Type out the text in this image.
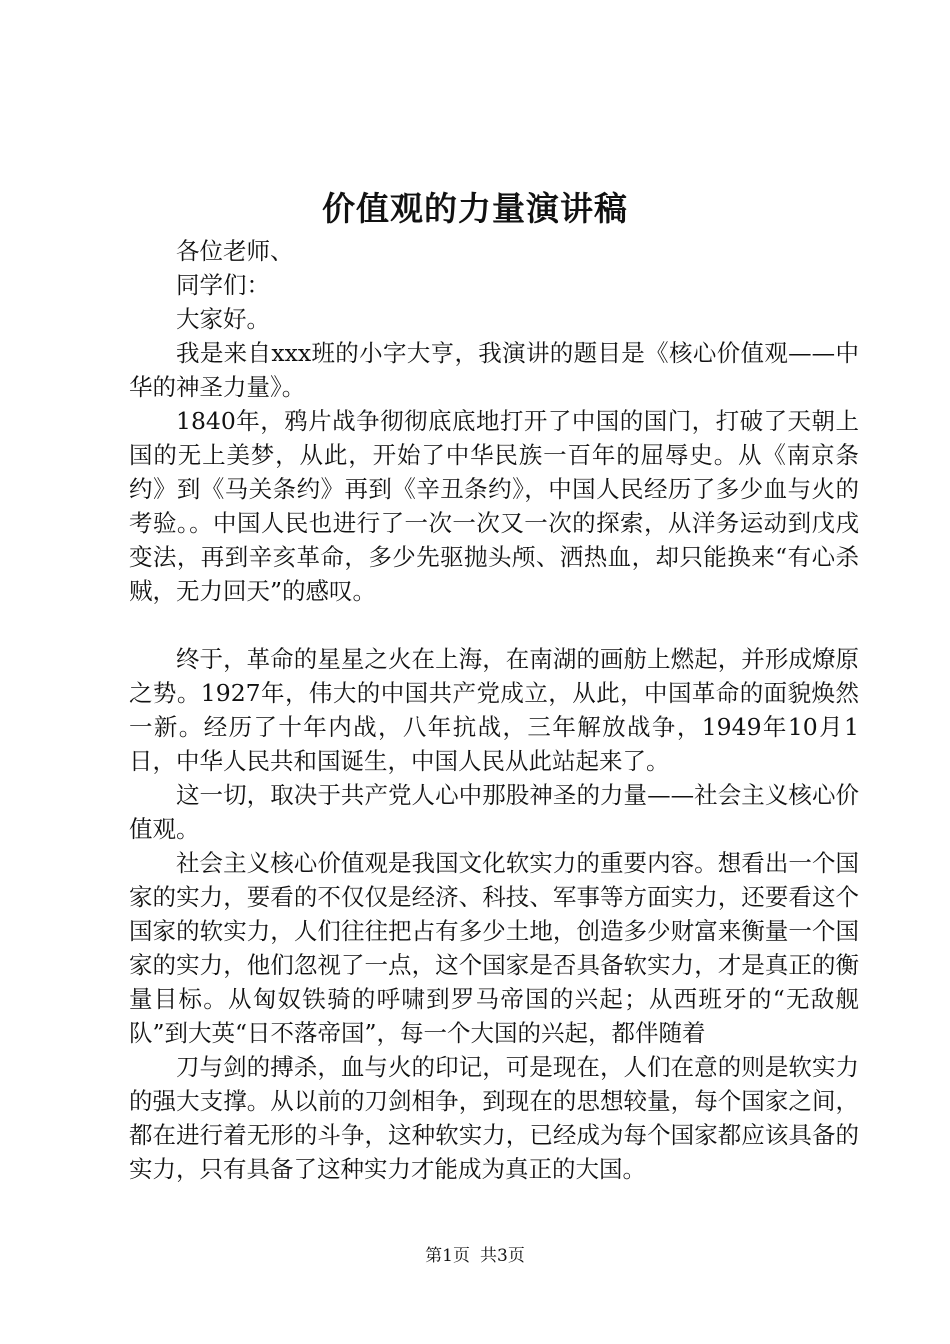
价值观的力量演讲稿

各位老师、

同学们：

大家好。

我是来自xxx班的小字大亨，我演讲的题目是《核心价值观——中华的神圣力量》。

1840年，鸦片战争彻彻底底地打开了中国的国门，打破了天朝上国的无上美梦，从此，开始了中华民族一百年的屈辱史。从《南京条约》到《马关条约》再到《辛丑条约》，中国人民经历了多少血与火的考验。。中国人民也进行了一次一次又一次的探索，从洋务运动到戊戌变法，再到辛亥革命，多少先驱抛头颅、洒热血，却只能换来“有心杀贼，无力回天”的感叹。

终于，革命的星星之火在上海，在南湖的画舫上燃起，并形成燎原之势。1927年，伟大的中国共产党成立，从此，中国革命的面貌焕然一新。经历了十年内战，八年抗战，三年解放战争，1949年10月1日，中华人民共和国诞生，中国人民从此站起来了。

这一切，取决于共产党人心中那股神圣的力量——社会主义核心价值观。

社会主义核心价值观是我国文化软实力的重要内容。想看出一个国家的实力，要看的不仅仅是经济、科技、军事等方面实力，还要看这个国家的软实力，人们往往把占有多少土地，创造多少财富来衡量一个国家的实力，他们忽视了一点，这个国家是否具备软实力，才是真正的衡量目标。从匈奴铁骑的呼啸到罗马帝国的兴起；从西班牙的“无敌舰队”到大英“日不落帝国”，每一个大国的兴起，都伴随着

刀与剑的搏杀，血与火的印记，可是现在，人们在意的则是软实力的强大支撑。从以前的刀剑相争，到现在的思想较量，每个国家之间，都在进行着无形的斗争，这种软实力，已经成为每个国家都应该具备的实力，只有具备了这种实力才能成为真正的大国。

第1页 共3页
